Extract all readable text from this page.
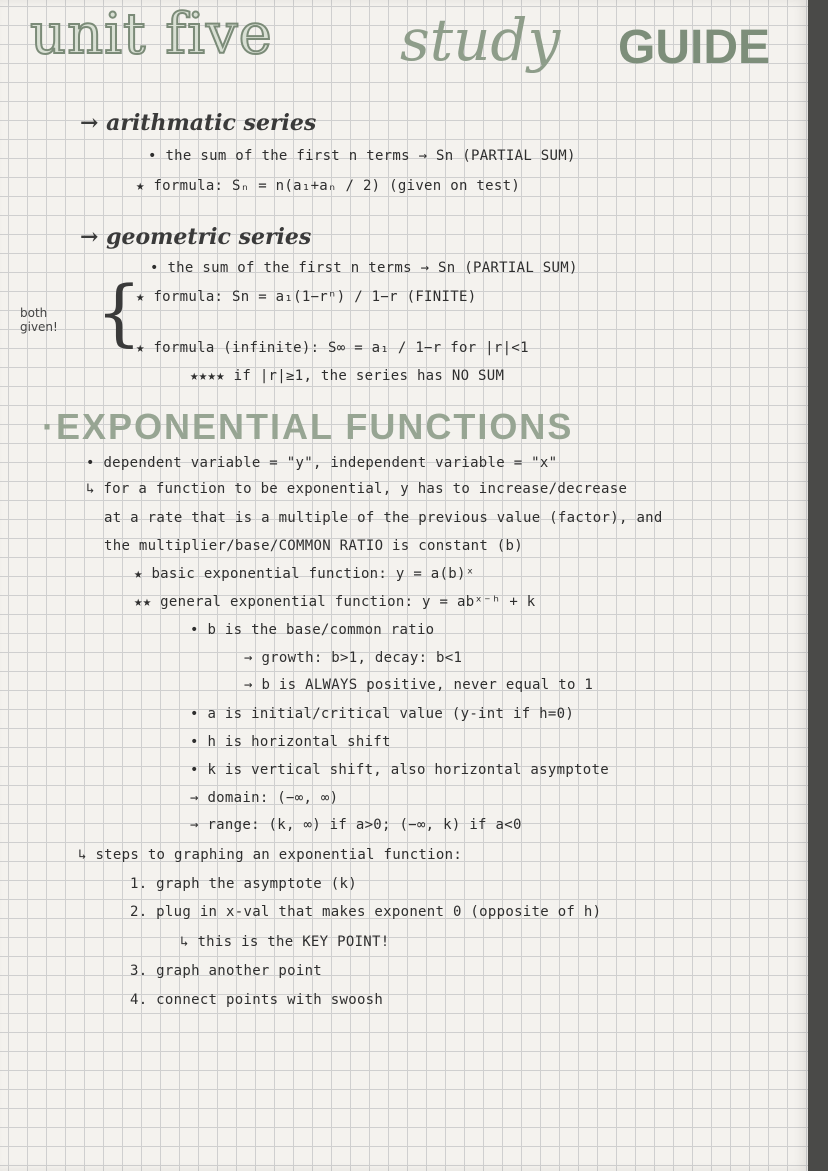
unit five study GUIDE
→ arithmatic series
• the sum of the first n terms → Sn (PARTIAL SUM)
★ formula: Sₙ = n(a₁+aₙ / 2) (given on test)
→ geometric series
• the sum of the first n terms → Sn (PARTIAL SUM)
★ formula: Sn = a₁(1−rⁿ) / 1−r (FINITE)
both given! {
★ formula (infinite): S∞ = a₁ / 1−r for |r|<1
★★★★ if |r|≥1, the series has NO SUM
·EXPONENTIAL FUNCTIONS
• dependent variable = "y", independent variable = "x"
↳ for a function to be exponential, y has to increase/decrease
at a rate that is a multiple of the previous value (factor), and
the multiplier/base/COMMON RATIO is constant (b)
★ basic exponential function: y = a(b)ˣ
★★ general exponential function: y = abˣ⁻ʰ + k
• b is the base/common ratio
→ growth: b>1, decay: b<1
→ b is ALWAYS positive, never equal to 1
• a is initial/critical value (y-int if h=0)
• h is horizontal shift
• k is vertical shift, also horizontal asymptote
→ domain: (−∞, ∞)
→ range: (k, ∞) if a>0; (−∞, k) if a<0
↳ steps to graphing an exponential function:
1. graph the asymptote (k)
2. plug in x-val that makes exponent 0 (opposite of h)
↳ this is the KEY POINT!
3. graph another point
4. connect points with swoosh
